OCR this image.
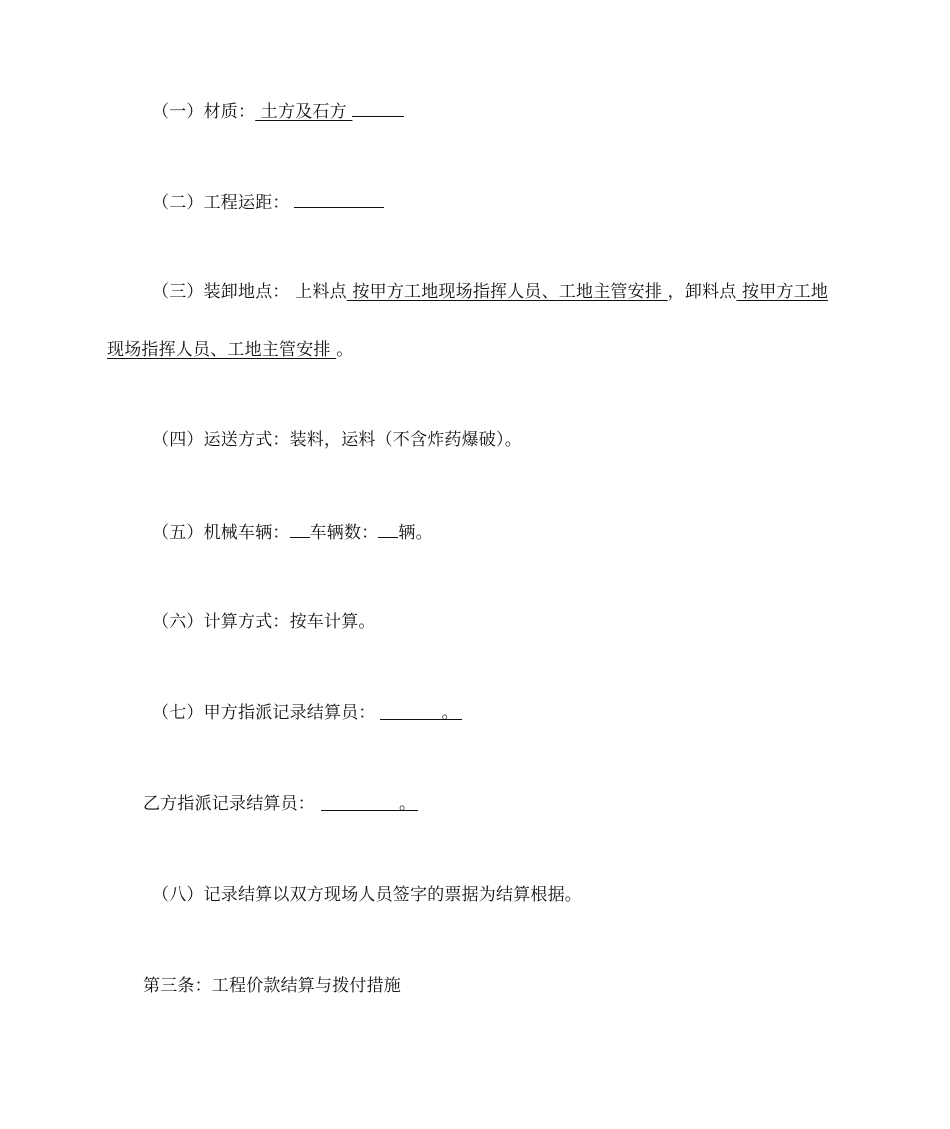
（一）材质： 土方及石方
（二）工程运距：
（三）装卸地点： 上料点 按甲方工地现场指挥人员、工地主管安排 ，卸料点 按甲方工地
现场指挥人员、工地主管安排 。
（四）运送方式：装料，运料（不含炸药爆破）。
（五）机械车辆： 车辆数： 辆。
（六）计算方式：按车计算。
（七）甲方指派记录结算员：	。
乙方指派记录结算员：	。
（八）记录结算以双方现场人员签字的票据为结算根据。
第三条：工程价款结算与拨付措施
